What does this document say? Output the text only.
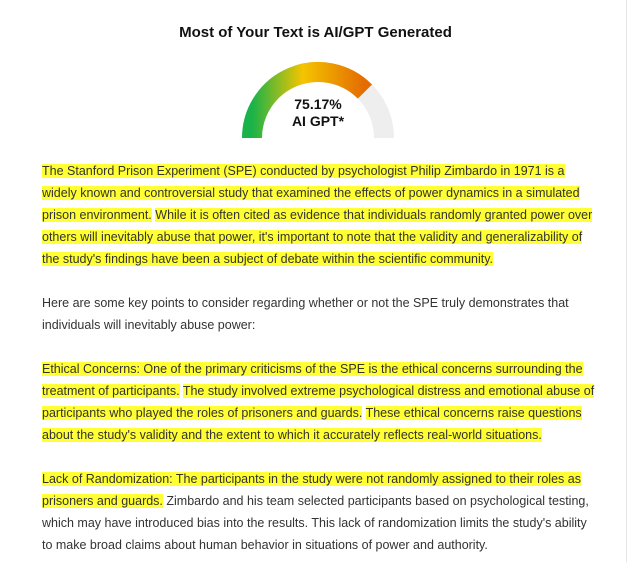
Most of Your Text is AI/GPT Generated
75.17%
AI GPT*

The Stanford Prison Experiment (SPE) conducted by psychologist Philip Zimbardo in 1971 is a widely known and controversial study that examined the effects of power dynamics in a simulated prison environment. While it is often cited as evidence that individuals randomly granted power over others will inevitably abuse that power, it's important to note that the validity and generalizability of the study's findings have been a subject of debate within the scientific community.

Here are some key points to consider regarding whether or not the SPE truly demonstrates that individuals will inevitably abuse power:

Ethical Concerns: One of the primary criticisms of the SPE is the ethical concerns surrounding the treatment of participants. The study involved extreme psychological distress and emotional abuse of participants who played the roles of prisoners and guards. These ethical concerns raise questions about the study's validity and the extent to which it accurately reflects real-world situations.

Lack of Randomization: The participants in the study were not randomly assigned to their roles as prisoners and guards. Zimbardo and his team selected participants based on psychological testing, which may have introduced bias into the results. This lack of randomization limits the study's ability to make broad claims about human behavior in situations of power and authority.
